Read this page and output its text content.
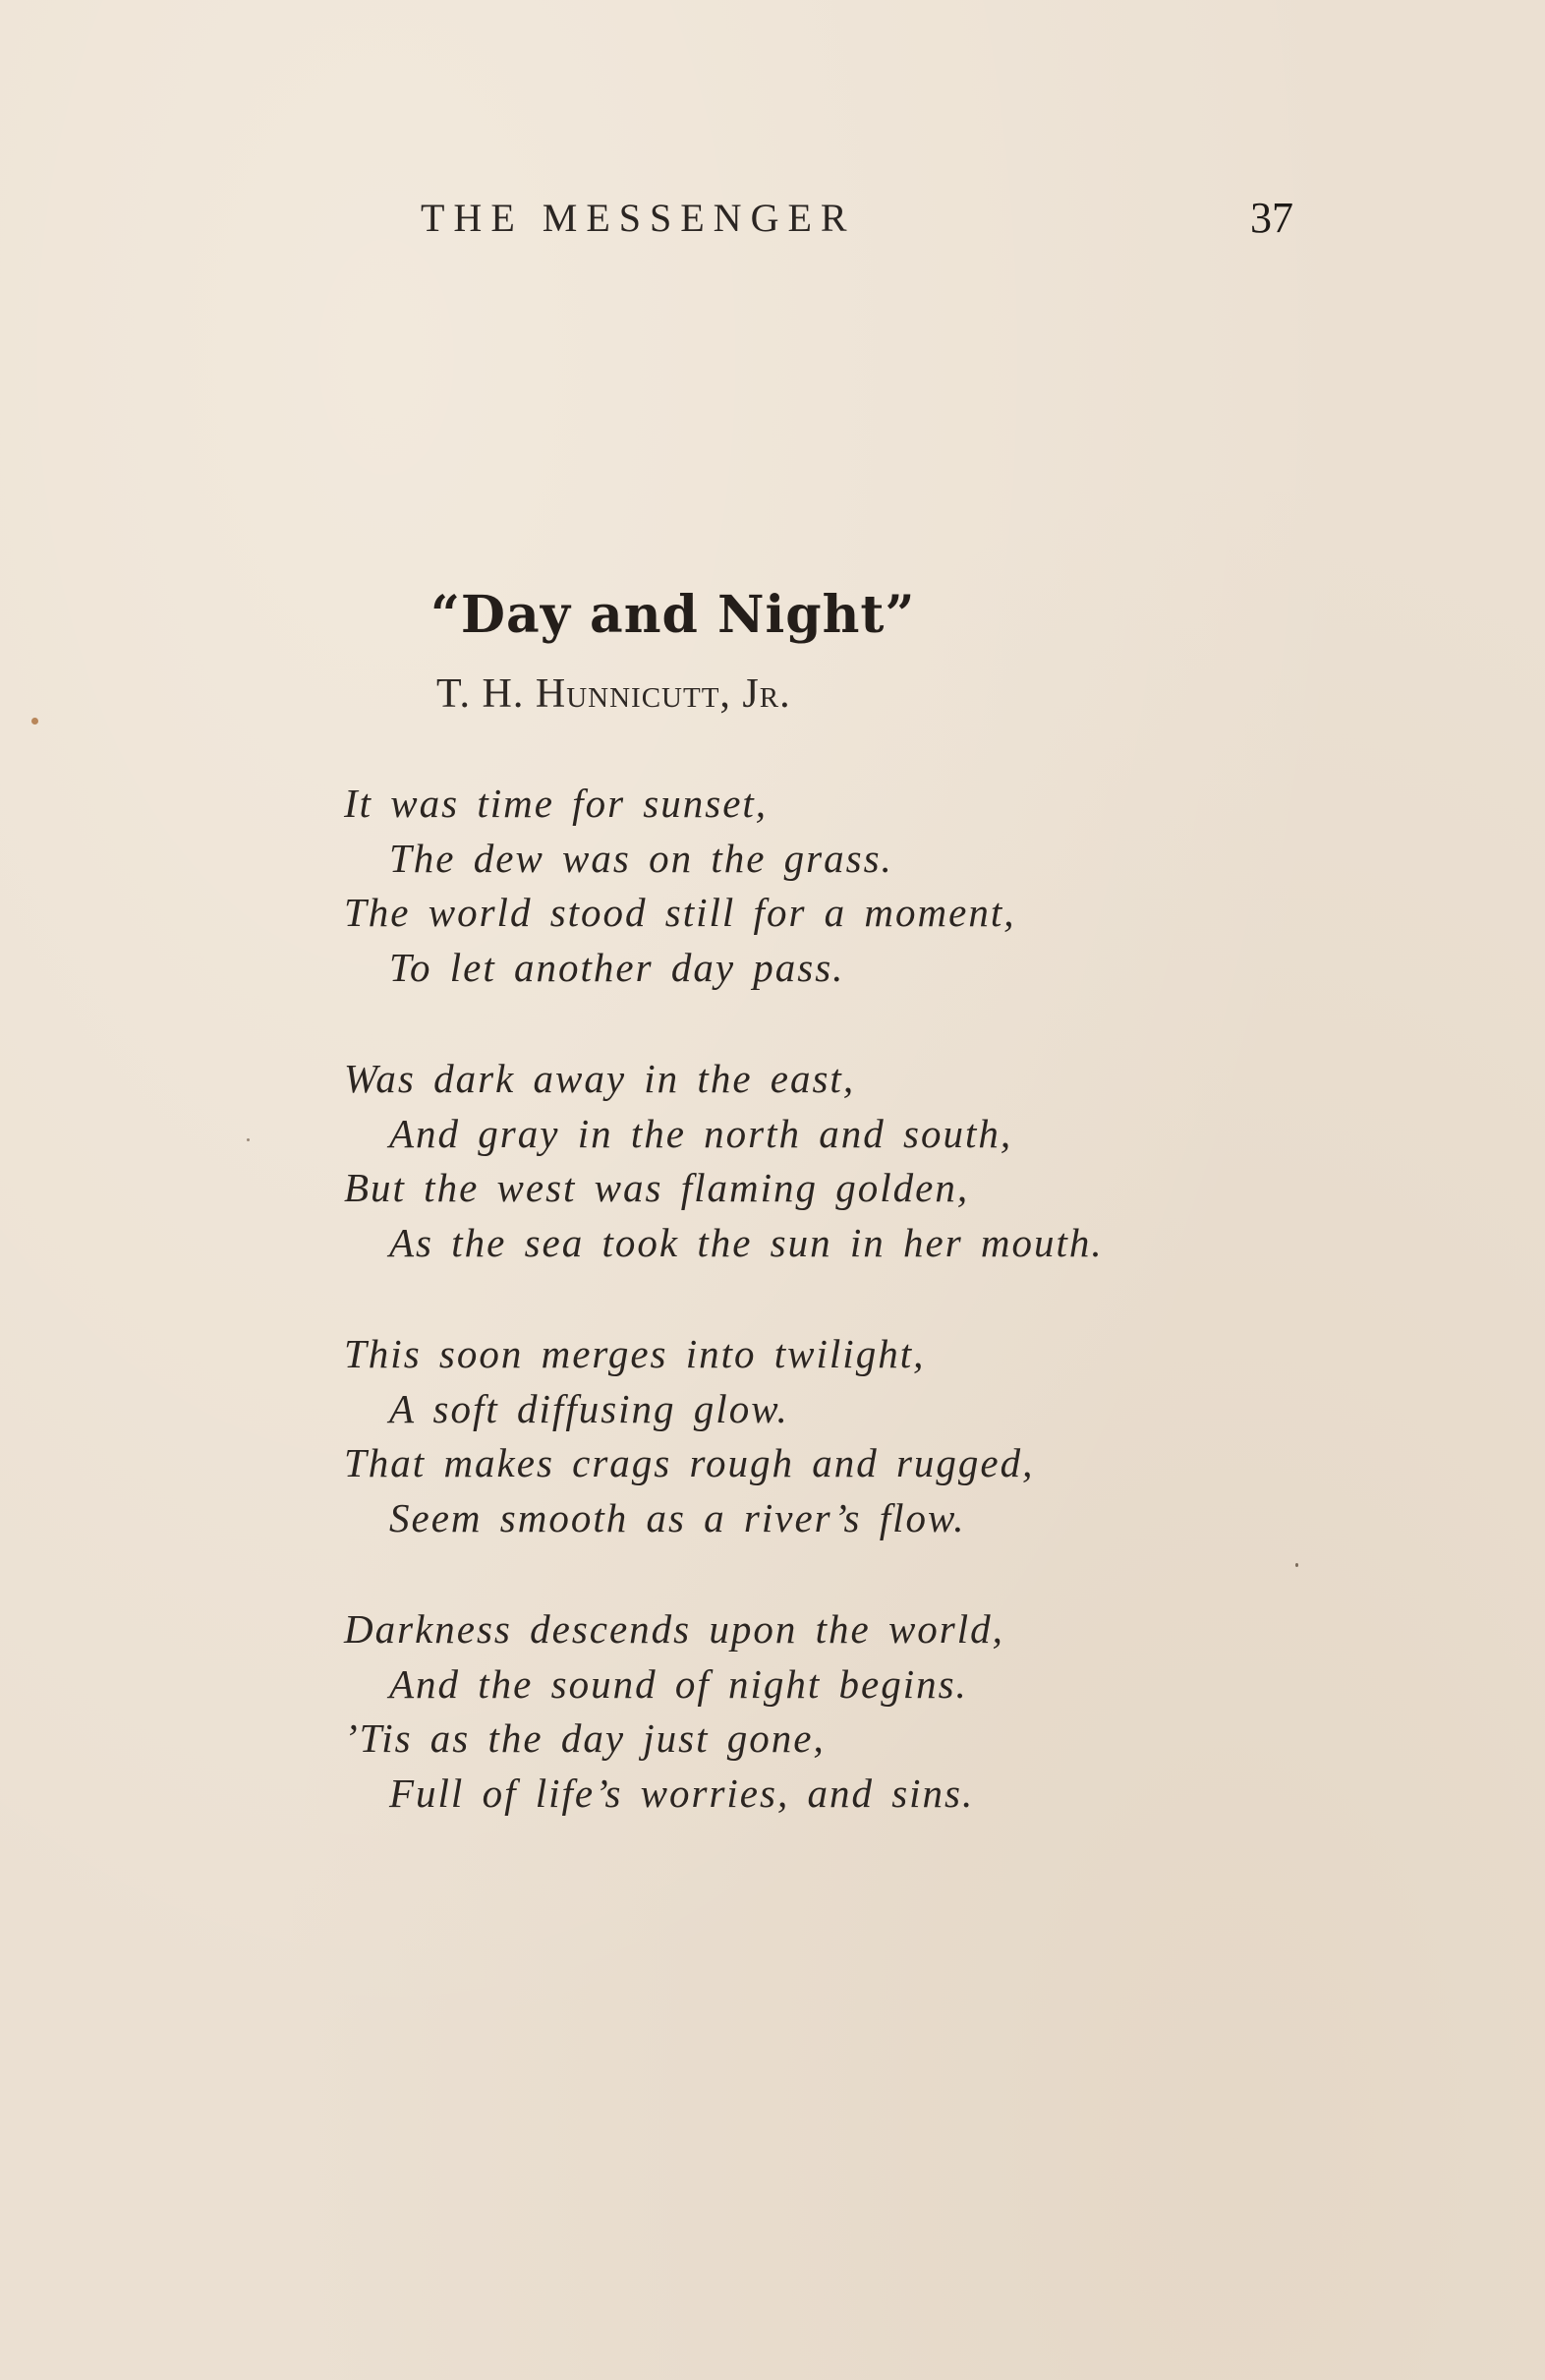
THE MESSENGER	37
“Day and Night”
T. H. Hunnicutt, Jr.
It was time for sunset,
The dew was on the grass.
The world stood still for a moment,
To let another day pass.
Was dark away in the east,
And gray in the north and south,
But the west was flaming golden,
As the sea took the sun in her mouth.
This soon merges into twilight,
A soft diffusing glow.
That makes crags rough and rugged,
Seem smooth as a river’s flow.
Darkness descends upon the world,
And the sound of night begins.
’Tis as the day just gone,
Full of life’s worries, and sins.
